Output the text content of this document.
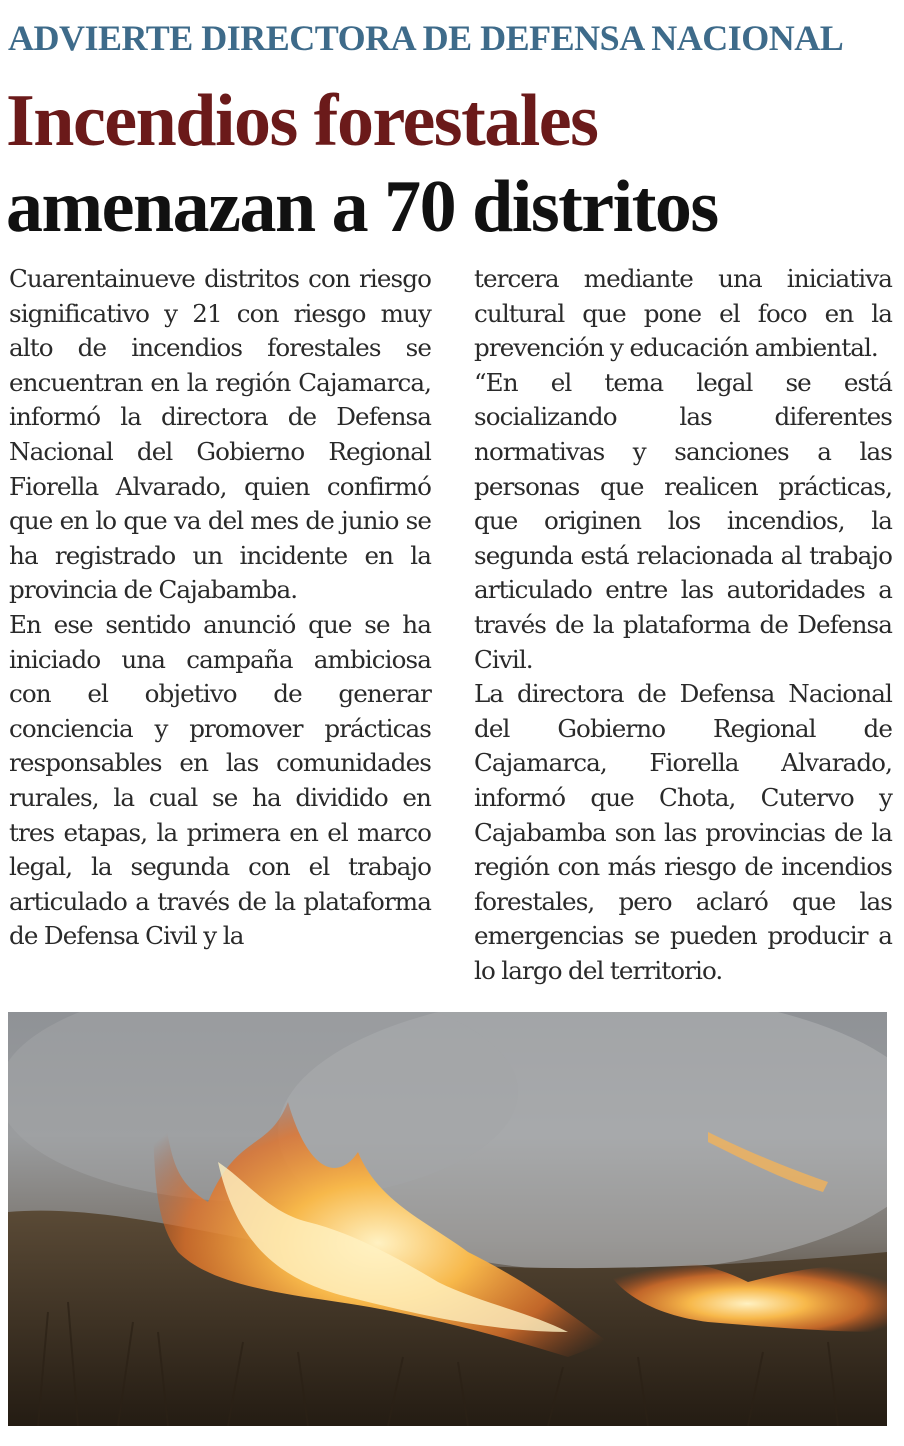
ADVIERTE DIRECTORA DE DEFENSA NACIONAL
Incendios forestales
amenazan a 70 distritos

Cuarentainueve distritos con riesgo significativo y 21 con riesgo muy alto de incendios forestales se encuentran en la región Cajamarca, informó la directora de Defensa Nacional del Gobierno Regional Fiorella Alvarado, quien confirmó que en lo que va del mes de junio se ha registrado un incidente en la provincia de Cajabamba.

En ese sentido anunció que se ha iniciado una campaña ambiciosa con el objetivo de generar conciencia y promover prácticas responsables en las comunidades rurales, la cual se ha dividido en tres etapas, la primera en el marco legal, la segunda con el trabajo articulado a través de la plataforma de Defensa Civil y la

tercera mediante una iniciativa cultural que pone el foco en la prevención y educación ambiental.

“En el tema legal se está socializando las diferentes normativas y sanciones a las personas que realicen prácticas, que originen los incendios, la segunda está relacionada al trabajo articulado entre las autoridades a través de la plataforma de Defensa Civil.

La directora de Defensa Nacional del Gobierno Regional de Cajamarca, Fiorella Alvarado, informó que Chota, Cutervo y Cajabamba son las provincias de la región con más riesgo de incendios forestales, pero aclaró que las emergencias se pueden producir a lo largo del territorio.
